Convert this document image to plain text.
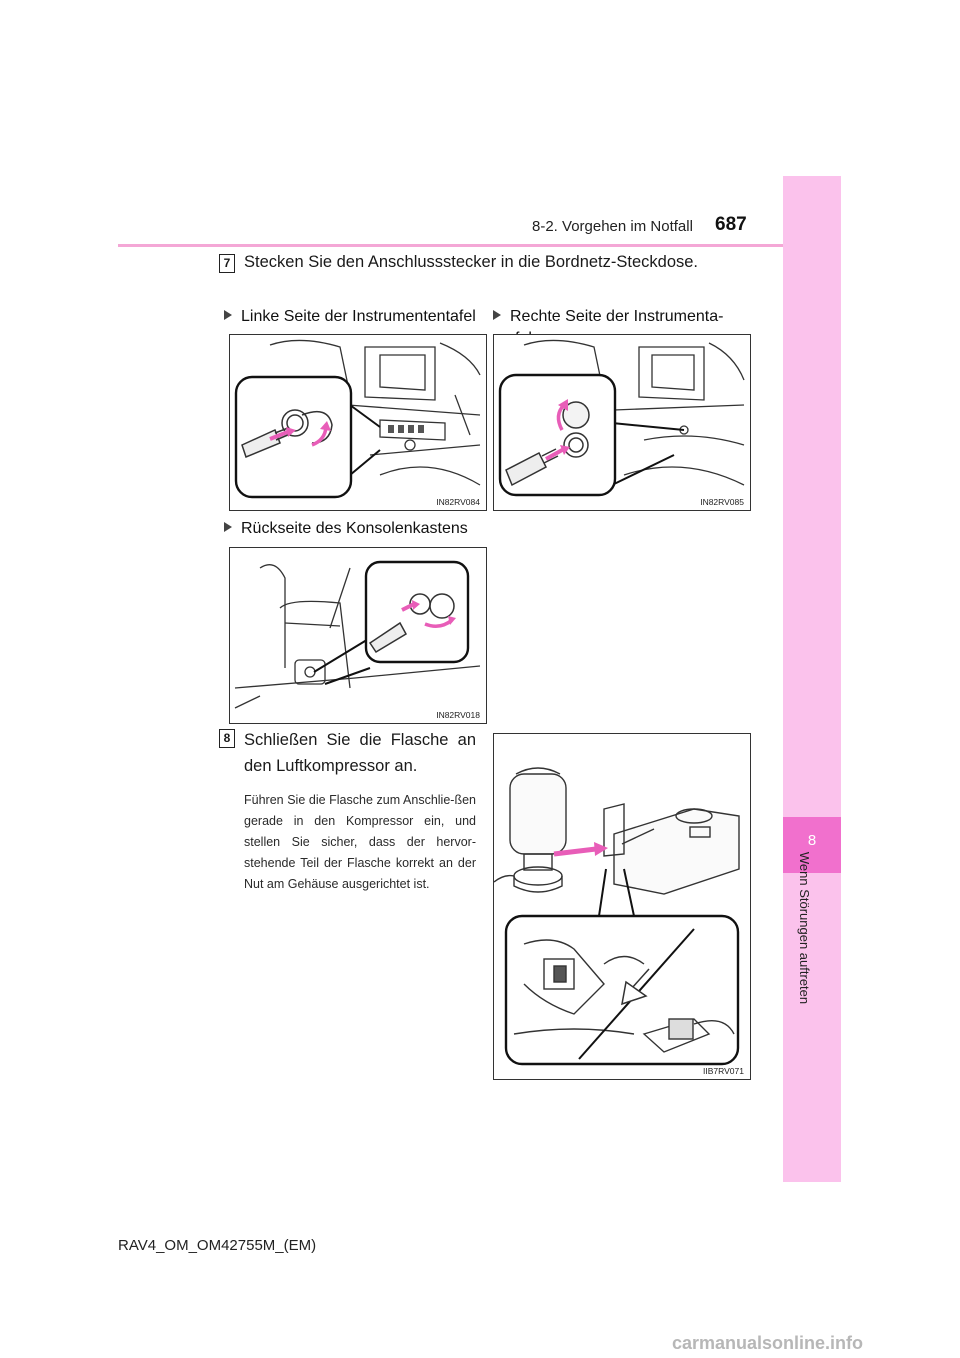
8-2. Vorgehen im Notfall 687
8
Wenn Störungen auftreten
7 Stecken Sie den Anschlussstecker in die Bordnetz-Steckdose.
Linke Seite der Instrumententafel	Rechte Seite der Instrumenta-
IN82RV084	IN82RV085
Rückseite des Konsolenkastens
IN82RV018
8 Schließen Sie die Flasche an den Luftkompressor an.
Führen Sie die Flasche zum Anschlie-ßen gerade in den Kompressor ein, und stellen Sie sicher, dass der hervor-stehende Teil der Flasche korrekt an der Nut am Gehäuse ausgerichtet ist.
IIB7RV071
RAV4_OM_OM42755M_(EM)
carmanualsonline.info
